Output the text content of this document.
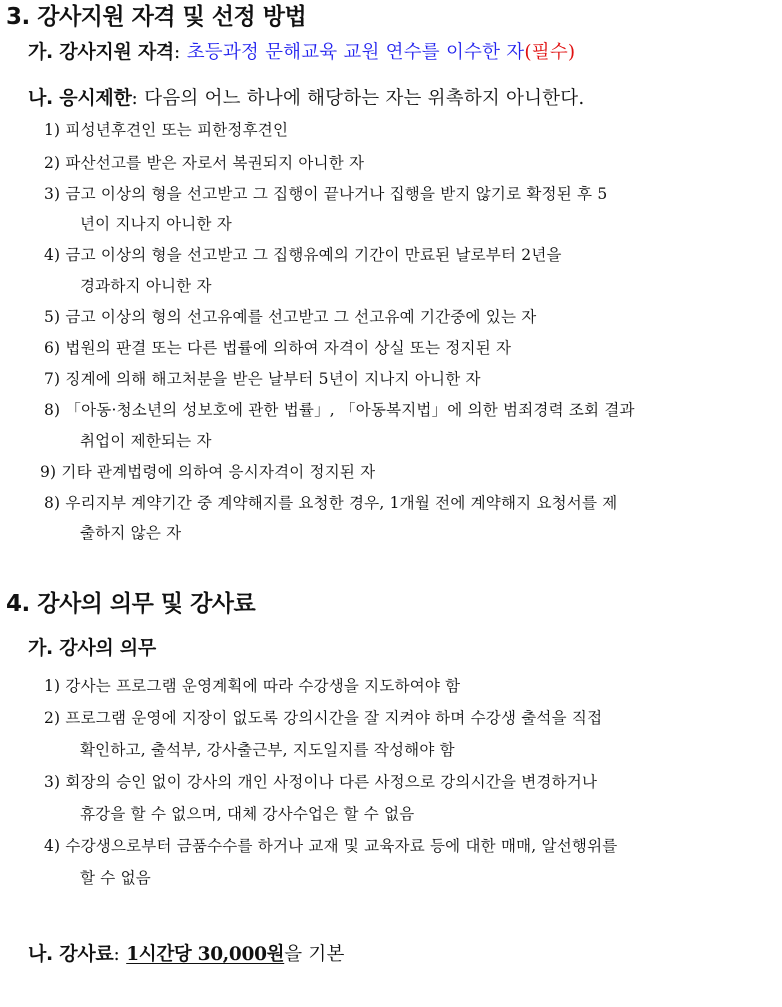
3. 강사지원 자격 및 선정 방법
가. 강사지원 자격: 초등과정 문해교육 교원 연수를 이수한 자(필수)
나. 응시제한: 다음의 어느 하나에 해당하는 자는 위촉하지 아니한다.
1) 피성년후견인 또는 피한정후견인
2) 파산선고를 받은 자로서 복권되지 아니한 자
3) 금고 이상의 형을 선고받고 그 집행이 끝나거나 집행을 받지 않기로 확정된 후 5
년이 지나지 아니한 자
4) 금고 이상의 형을 선고받고 그 집행유예의 기간이 만료된 날로부터 2년을
경과하지 아니한 자
5) 금고 이상의 형의 선고유예를 선고받고 그 선고유예 기간중에 있는 자
6) 법원의 판결 또는 다른 법률에 의하여 자격이 상실 또는 정지된 자
7) 징계에 의해 해고처분을 받은 날부터 5년이 지나지 아니한 자
8) 「아동·청소년의 성보호에 관한 법률」, 「아동복지법」에 의한 범죄경력 조회 결과
취업이 제한되는 자
9) 기타 관계법령에 의하여 응시자격이 정지된 자
8) 우리지부 계약기간 중 계약해지를 요청한 경우, 1개월 전에 계약해지 요청서를 제
출하지 않은 자
4. 강사의 의무 및 강사료
가. 강사의 의무
1) 강사는 프로그램 운영계획에 따라 수강생을 지도하여야 함
2) 프로그램 운영에 지장이 없도록 강의시간을 잘 지켜야 하며 수강생 출석을 직접
확인하고, 출석부, 강사출근부, 지도일지를 작성해야 함
3) 회장의 승인 없이 강사의 개인 사정이나 다른 사정으로 강의시간을 변경하거나
휴강을 할 수 없으며, 대체 강사수업은 할 수 없음
4) 수강생으로부터 금품수수를 하거나 교재 및 교육자료 등에 대한 매매, 알선행위를
할 수 없음
나. 강사료: 1시간당 30,000원을 기본
